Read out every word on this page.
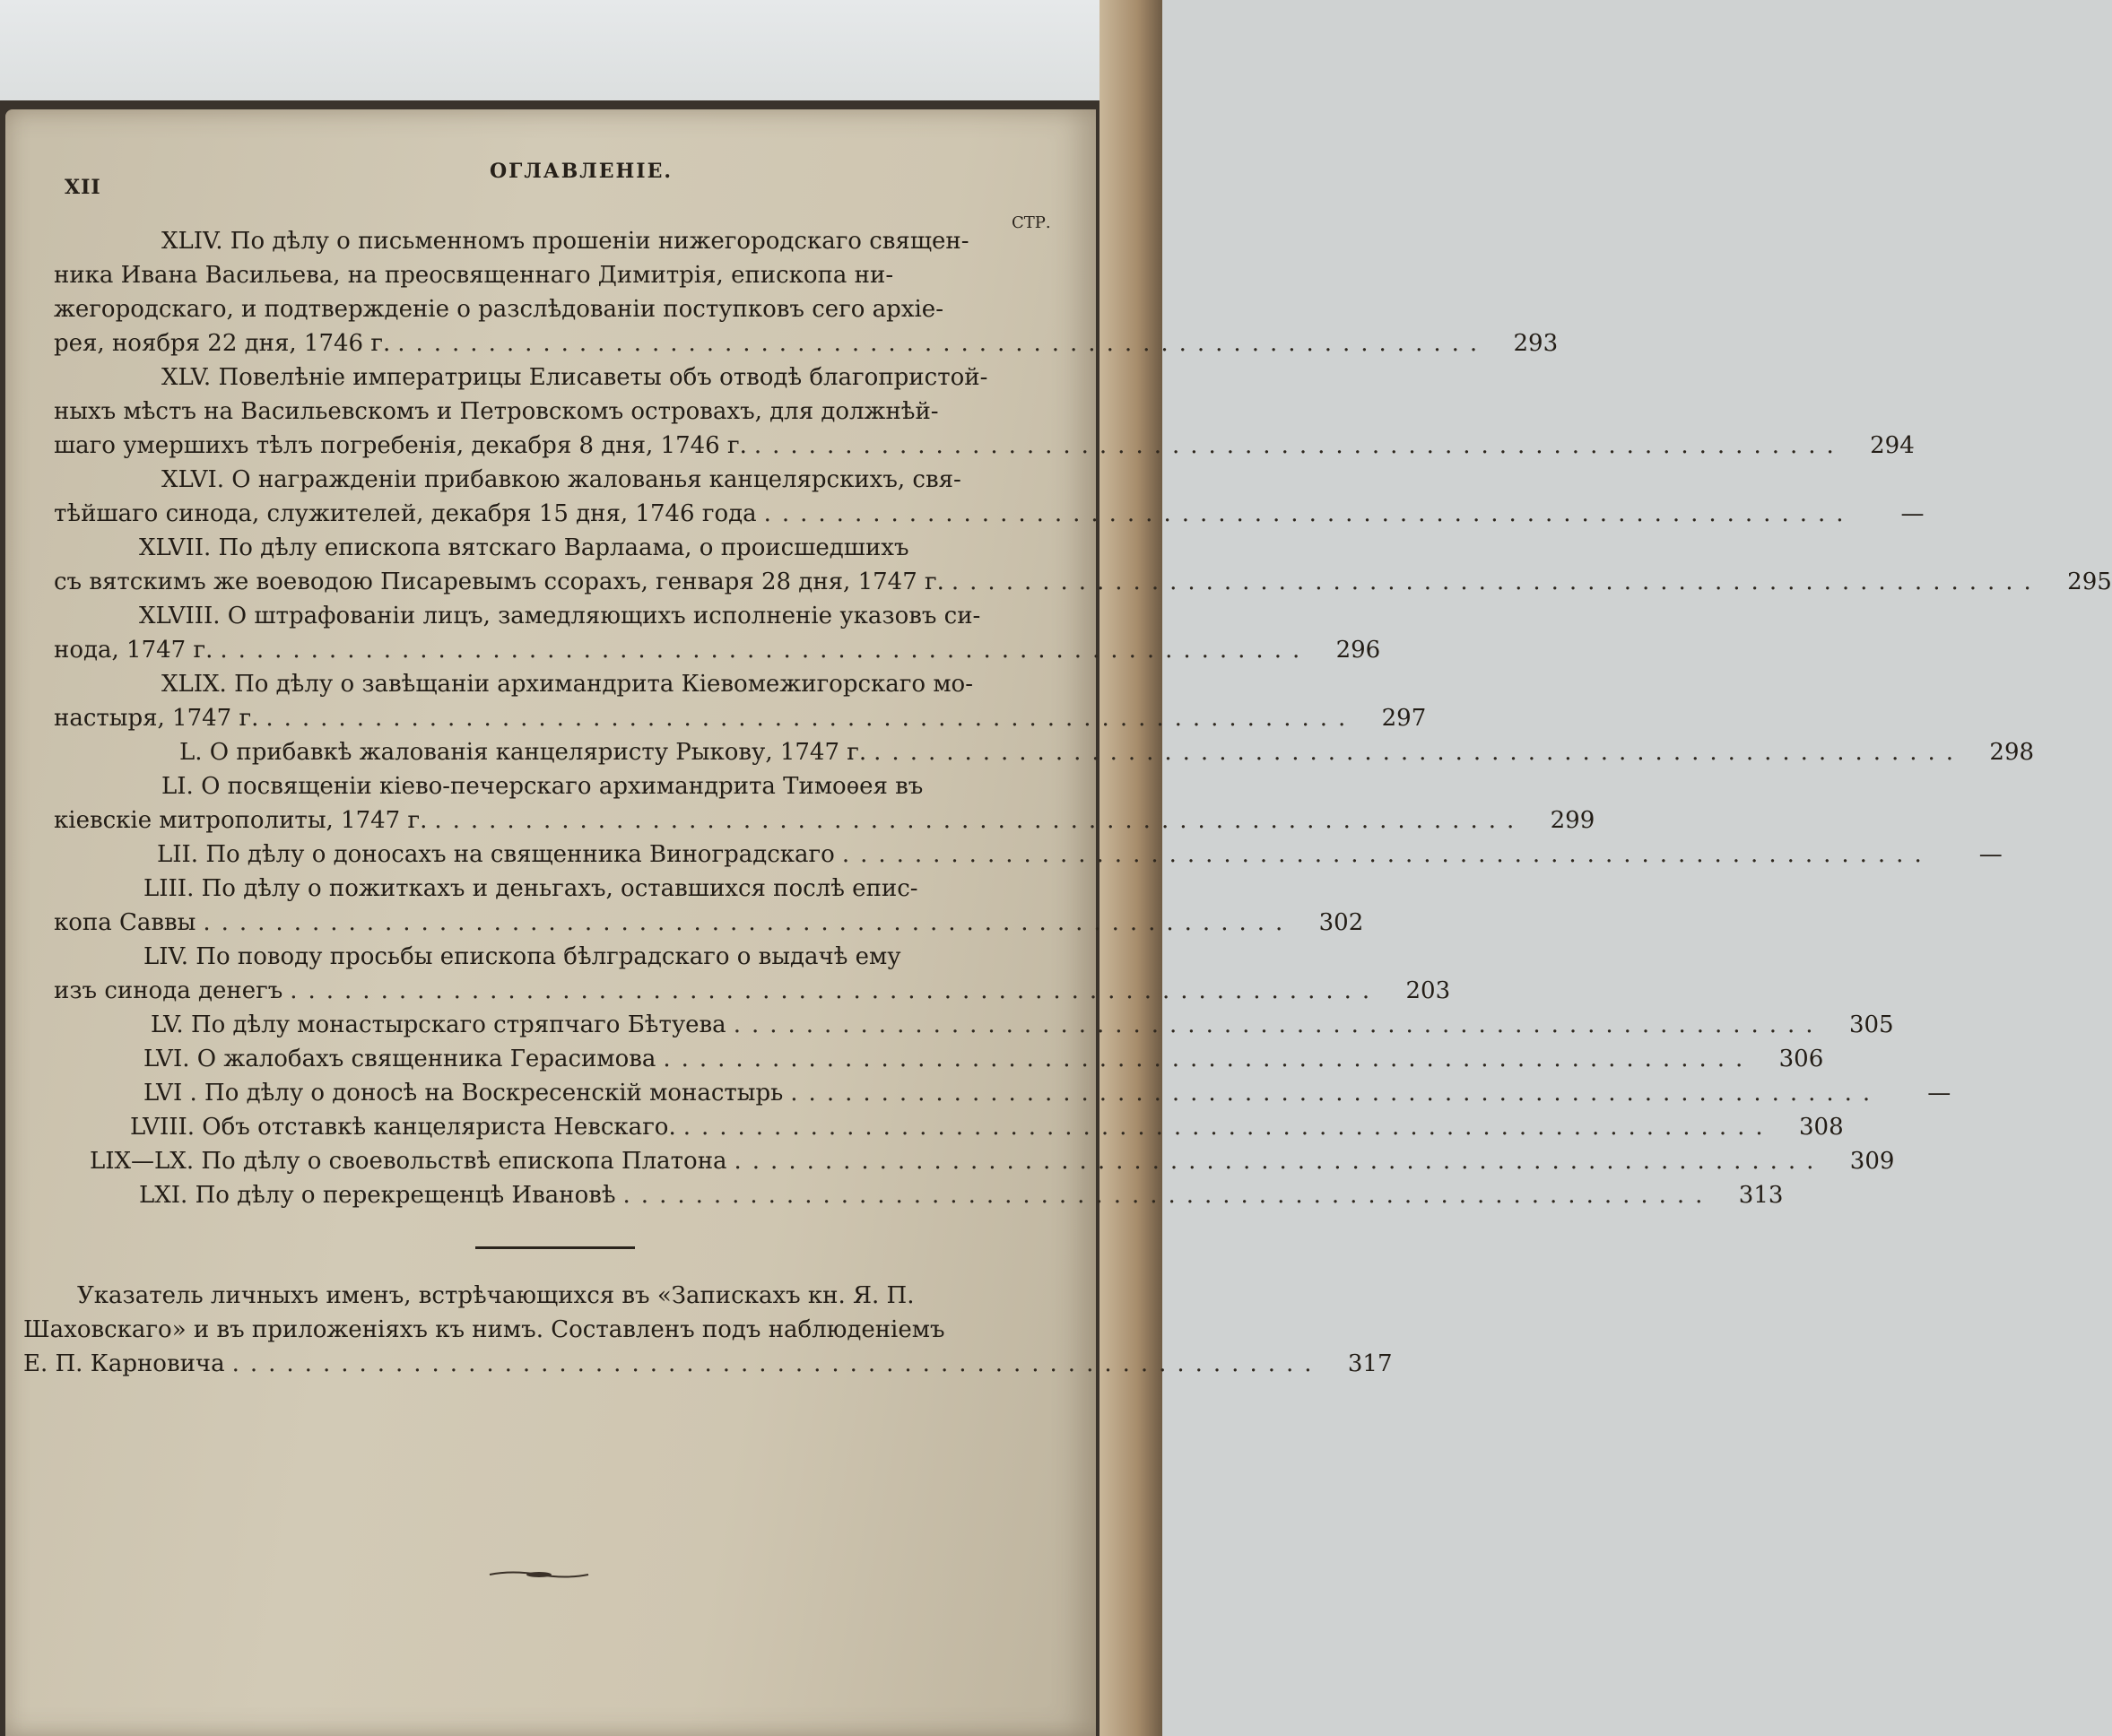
XII
ОГЛАВЛЕНІЕ.
СТР.
XLIV. По дѣлу о письменномъ прошеніи нижегородскаго священ-
ника Ивана Васильева, на преосвященнаго Димитрія, епископа ни-
жегородскаго, и подтвержденіе о разслѣдованіи поступковъ сего архіе-
рея, ноября 22 дня, 1746 г. ............................................................	293
XLV. Повелѣніе императрицы Елисаветы объ отводѣ благопристой-
ныхъ мѣстъ на Васильевскомъ и Петровскомъ островахъ, для должнѣй-
шаго умершихъ тѣлъ погребенія, декабря 8 дня, 1746 г. ............................................................	294
XLVI. О награжденіи прибавкою жалованья канцелярскихъ, свя-
тѣйшаго синода, служителей, декабря 15 дня, 1746 года ............................................................	—
XLVII. По дѣлу епископа вятскаго Варлаама, о происшедшихъ
съ вятскимъ же воеводою Писаревымъ ссорахъ, генваря 28 дня, 1747 г. ............................................................	295
XLVIII. О штрафованіи лицъ, замедляющихъ исполненіе указовъ си-
нода, 1747 г. ............................................................	296
XLIX. По дѣлу о завѣщаніи архимандрита Кіевомежигорскаго мо-
настыря, 1747 г. ............................................................	297
L. О прибавкѣ жалованія канцеляристу Рыкову, 1747 г. ............................................................	298
LI. О посвященіи кіево-печерскаго архимандрита Тимоѳея въ
кіевскіе митрополиты, 1747 г. ............................................................	299
LII. По дѣлу о доносахъ на священника Виноградскаго ............................................................	—
LIII. По дѣлу о пожиткахъ и деньгахъ, оставшихся послѣ епис-
копа Саввы ............................................................	302
LIV. По поводу просьбы епископа бѣлградскаго о выдачѣ ему
изъ синода денегъ ............................................................	203
LV. По дѣлу монастырскаго стряпчаго Бѣтуева ............................................................	305
LVI. О жалобахъ священника Герасимова ............................................................	306
LVI . По дѣлу о доносѣ на Воскресенскій монастырь ............................................................	—
LVIII. Объ отставкѣ канцеляриста Невскаго. ............................................................	308
LIX—LX. По дѣлу о своевольствѣ епископа Платона ............................................................	309
LXI. По дѣлу о перекрещенцѣ Ивановѣ ............................................................	313
Указатель личныхъ именъ, встрѣчающихся въ «Запискахъ кн. Я. П.
Шаховскаго» и въ приложеніяхъ къ нимъ. Составленъ подъ наблюденіемъ
Е. П. Карновича ............................................................	317
